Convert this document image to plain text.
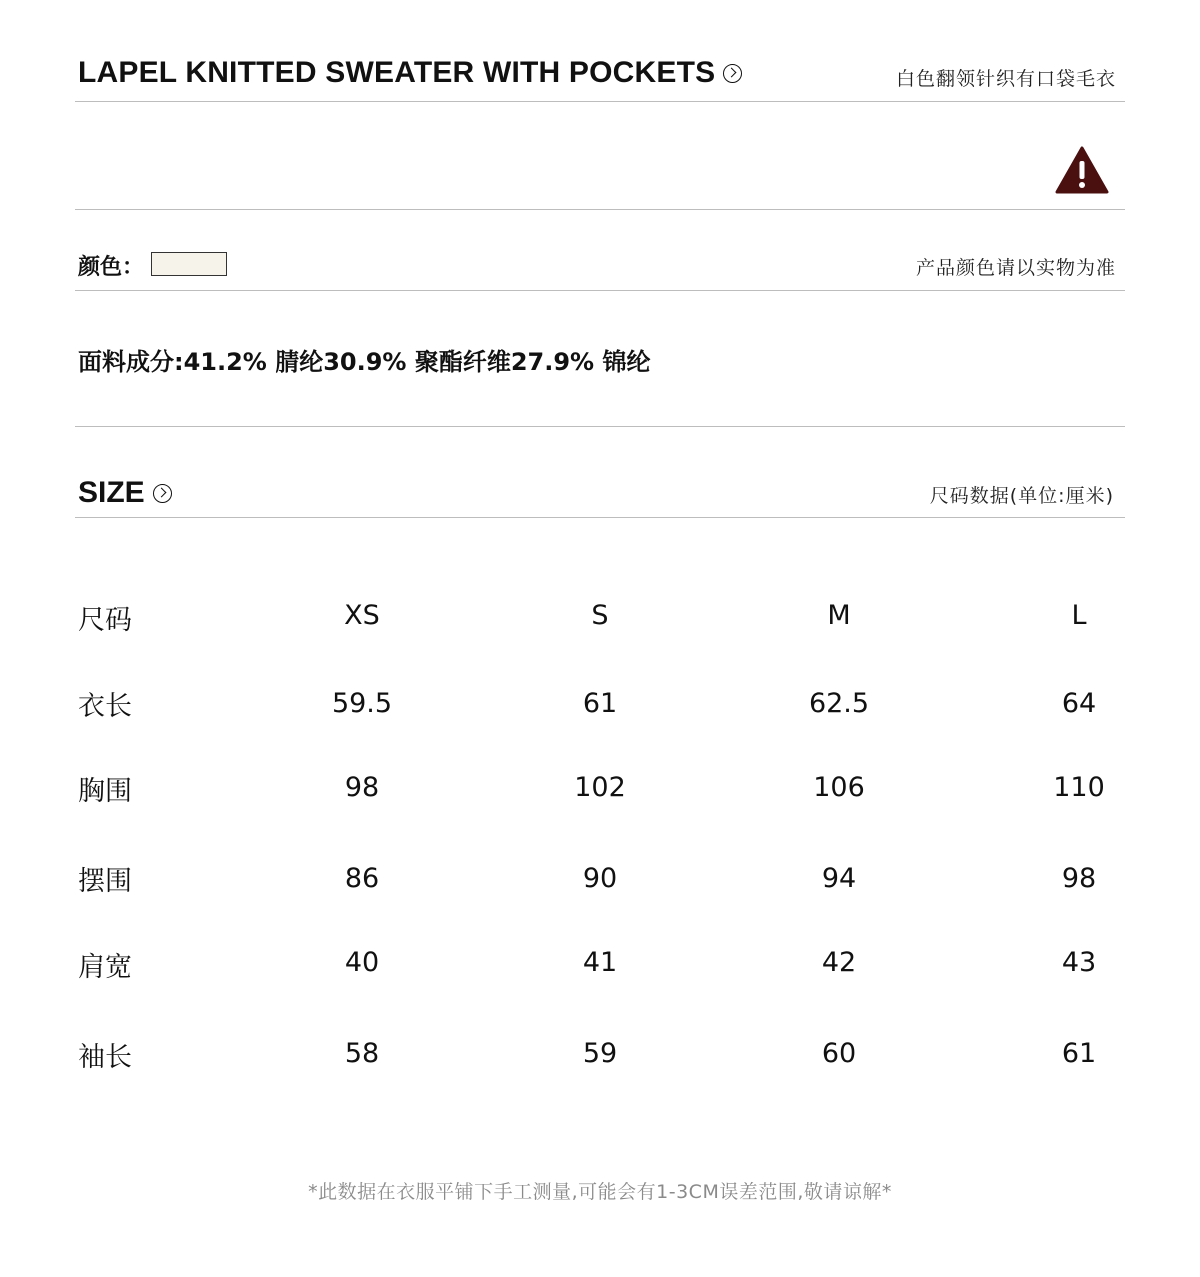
LAPEL KNITTED SWEATER WITH POCKETS	白色翻领针织有口袋毛衣
颜色：	产品颜色请以实物为准
面料成分:41.2% 腈纶30.9% 聚酯纤维27.9% 锦纶
SIZE	尺码数据(单位:厘米)
尺码	XS	S	M	L
衣长	59.5	61	62.5	64
胸围	98	102	106	110
摆围	86	90	94	98
肩宽	40	41	42	43
袖长	58	59	60	61
*此数据在衣服平铺下手工测量,可能会有1-3CM误差范围,敬请谅解*
